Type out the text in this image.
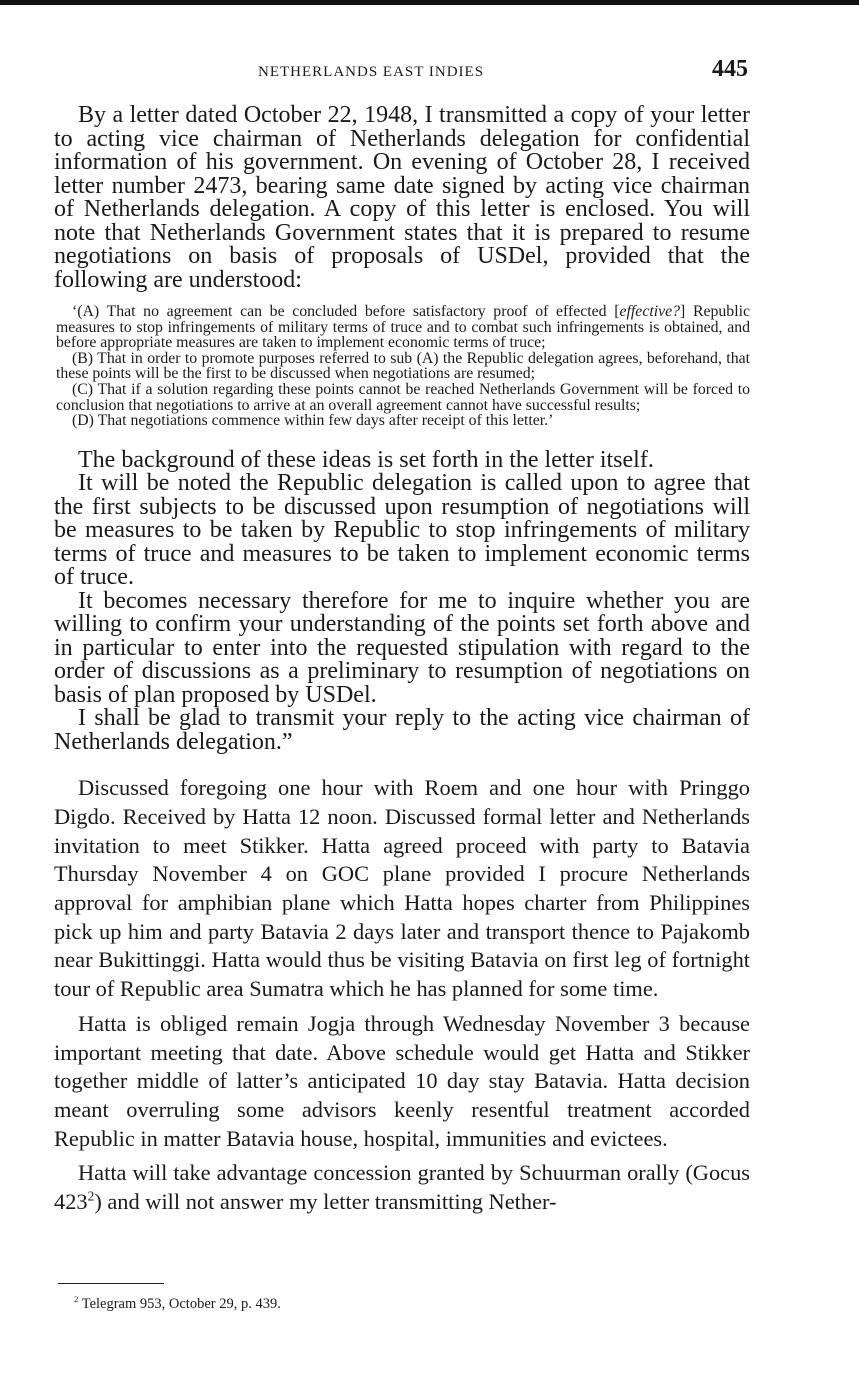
NETHERLANDS EAST INDIES	445

By a letter dated October 22, 1948, I transmitted a copy of your letter to acting vice chairman of Netherlands delegation for confidential information of his government. On evening of October 28, I received letter number 2473, bearing same date signed by acting vice chairman of Netherlands delegation. A copy of this letter is enclosed. You will note that Netherlands Government states that it is prepared to resume negotiations on basis of proposals of USDel, provided that the following are understood:

‘(A) That no agreement can be concluded before satisfactory proof of effected [effective?] Republic measures to stop infringements of military terms of truce and to combat such infringements is obtained, and before appropriate measures are taken to implement economic terms of truce;

(B) That in order to promote purposes referred to sub (A) the Republic delegation agrees, beforehand, that these points will be the first to be discussed when negotiations are resumed;

(C) That if a solution regarding these points cannot be reached Netherlands Government will be forced to conclusion that negotiations to arrive at an overall agreement cannot have successful results;

(D) That negotiations commence within few days after receipt of this letter.’

The background of these ideas is set forth in the letter itself.

It will be noted the Republic delegation is called upon to agree that the first subjects to be discussed upon resumption of negotiations will be measures to be taken by Republic to stop infringements of military terms of truce and measures to be taken to implement economic terms of truce.

It becomes necessary therefore for me to inquire whether you are willing to confirm your understanding of the points set forth above and in particular to enter into the requested stipulation with regard to the order of discussions as a preliminary to resumption of negotiations on basis of plan proposed by USDel.

I shall be glad to transmit your reply to the acting vice chairman of Netherlands delegation.”

Discussed foregoing one hour with Roem and one hour with Pringgo Digdo. Received by Hatta 12 noon. Discussed formal letter and Netherlands invitation to meet Stikker. Hatta agreed proceed with party to Batavia Thursday November 4 on GOC plane provided I procure Netherlands approval for amphibian plane which Hatta hopes charter from Philippines pick up him and party Batavia 2 days later and transport thence to Pajakomb near Bukittinggi. Hatta would thus be visiting Batavia on first leg of fortnight tour of Republic area Sumatra which he has planned for some time.

Hatta is obliged remain Jogja through Wednesday November 3 because important meeting that date. Above schedule would get Hatta and Stikker together middle of latter’s anticipated 10 day stay Batavia. Hatta decision meant overruling some advisors keenly resentful treatment accorded Republic in matter Batavia house, hospital, immunities and evictees.

Hatta will take advantage concession granted by Schuurman orally (Gocus $423^2$) and will not answer my letter transmitting Nether-

$^2$ Telegram 953, October 29, p. 439.
